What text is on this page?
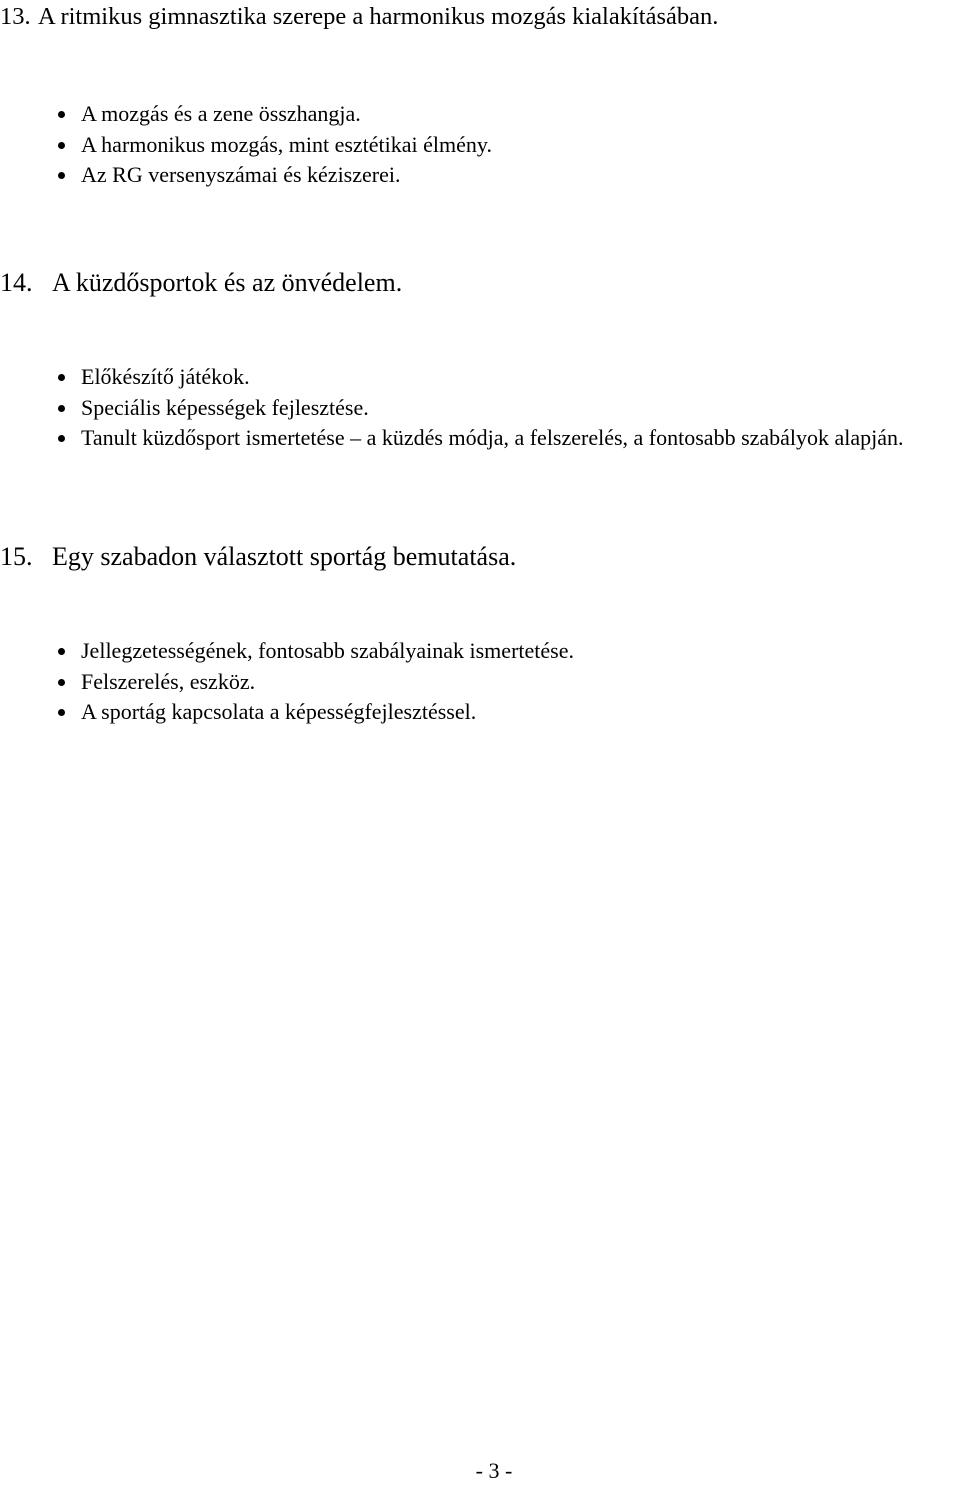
13. A ritmikus gimnasztika szerepe a harmonikus mozgás kialakításában.
A mozgás és a zene összhangja.
A harmonikus mozgás, mint esztétikai élmény.
Az RG versenyszámai és kéziszerei.
14. A küzdősportok és az önvédelem.
Előkészítő játékok.
Speciális képességek fejlesztése.
Tanult küzdősport ismertetése – a küzdés módja, a felszerelés, a fontosabb szabályok alapján.
15. Egy szabadon választott sportág bemutatása.
Jellegzetességének, fontosabb szabályainak ismertetése.
Felszerelés, eszköz.
A sportág kapcsolata a képességfejlesztéssel.
- 3 -
